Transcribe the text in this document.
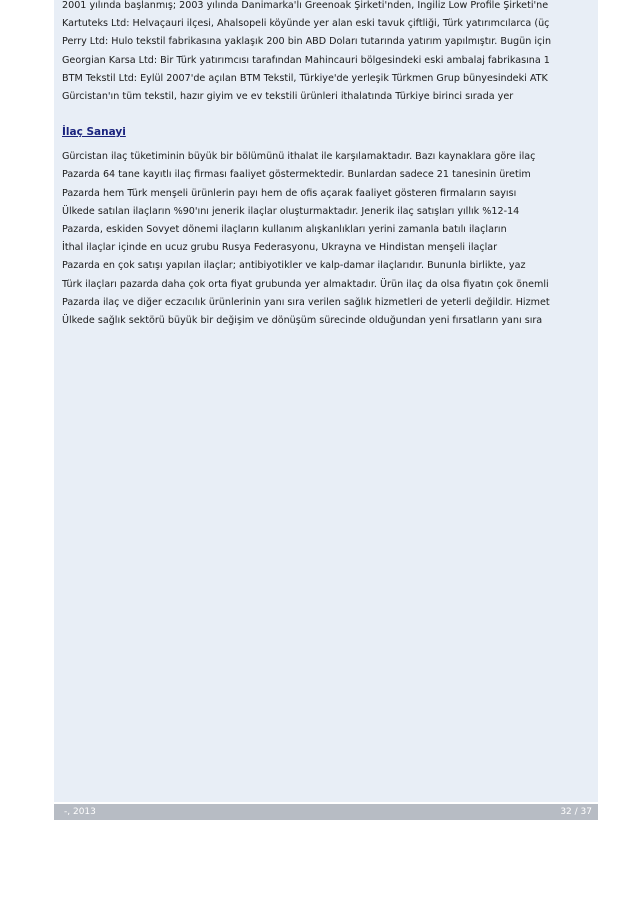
2001 yılında başlanmış; 2003 yılında Danimarka'lı Greenoak Şirketi'nden, İngiliz Low Profile Şirketi'ne

Kartuteks Ltd: Helvaçauri ilçesi, Ahalsopeli köyünde yer alan eski tavuk çiftliği, Türk yatırımcılarca (üç

Perry Ltd: Hulo tekstil fabrikasına yaklaşık 200 bin ABD Doları tutarında yatırım yapılmıştır. Bugün için

Georgian Karsa Ltd: Bir Türk yatırımcısı tarafından Mahincauri bölgesindeki eski ambalaj fabrikasına 1

BTM Tekstil Ltd: Eylül 2007'de açılan BTM Tekstil, Türkiye'de yerleşik Türkmen Grup bünyesindeki ATK

Gürcistan'ın tüm tekstil, hazır giyim ve ev tekstili ürünleri ithalatında Türkiye birinci sırada yer

İlaç Sanayi

Gürcistan ilaç tüketiminin büyük bir bölümünü ithalat ile karşılamaktadır. Bazı kaynaklara göre ilaç

Pazarda 64 tane kayıtlı ilaç firması faaliyet göstermektedir. Bunlardan sadece 21 tanesinin üretim

Pazarda hem Türk menşeli ürünlerin payı hem de ofis açarak faaliyet gösteren firmaların sayısı

Ülkede satılan ilaçların %90'ını jenerik ilaçlar oluşturmaktadır. Jenerik ilaç satışları yıllık %12-14

Pazarda, eskiden Sovyet dönemi ilaçların kullanım alışkanlıkları yerini zamanla batılı ilaçların

İthal ilaçlar içinde en ucuz grubu Rusya Federasyonu, Ukrayna ve Hindistan menşeli ilaçlar

Pazarda en çok satışı yapılan ilaçlar; antibiyotikler ve kalp-damar ilaçlarıdır. Bununla birlikte, yaz

Türk ilaçları pazarda daha çok orta fiyat grubunda yer almaktadır. Ürün ilaç da olsa fiyatın çok önemli

Pazarda ilaç ve diğer eczacılık ürünlerinin yanı sıra verilen sağlık hizmetleri de yeterli değildir. Hizmet

Ülkede sağlık sektörü büyük bir değişim ve dönüşüm sürecinde olduğundan yeni fırsatların yanı sıra

-, 2013	32 / 37
